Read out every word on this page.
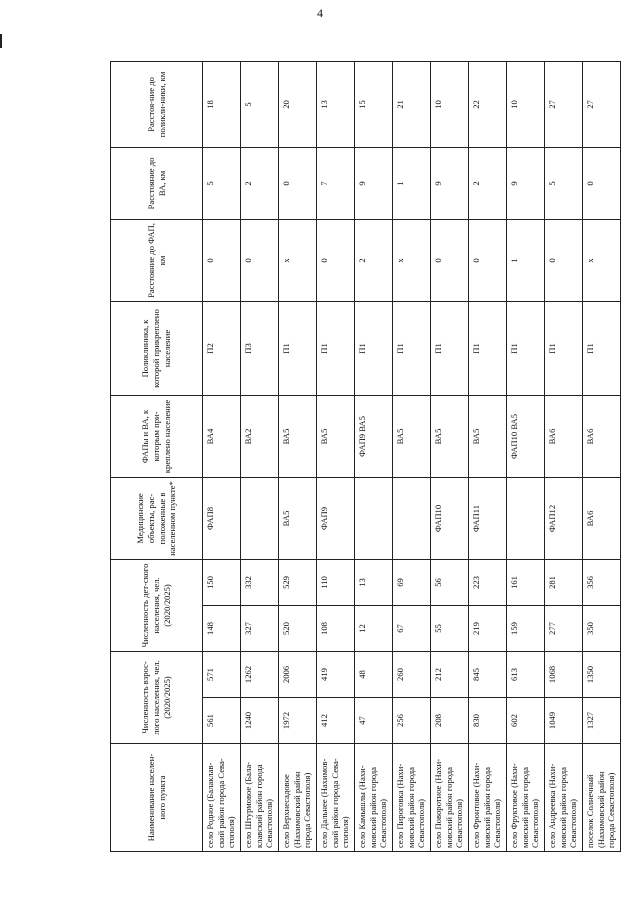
4
Наименование населен-ного пункта	Численность взрос-лого населения, чел. (2020/2025)		Численность дет-ского населения, чел. (2020/2025)		Медицинские объекты, рас-положенные в населенном пункте*	ФАПы и ВА, к которым при-креплено население	Поликлиника, к которой прикреплено население	Расстояние до ФАП, км	Расстояние до ВА, км	Расстоя-ние до поликли-ники, км
село Родное (Балаклав-ский район города Сева-стополя)	561	571	148	150	ФАП8	ВА4	П2	0	5	18
село Штурмовое (Бала-клавский район города Севастополя)	1240	1262	327	332		ВА2	П3	0	2	5
село Верхнесадовое (Нахимовский район города Севастополя)	1972	2006	520	529	ВА5	ВА5	П1	x	0	20
село Дальнее (Нахимов-ский район города Сева-стополя)	412	419	108	110	ФАП9	ВА5	П1	0	7	13
село Камышлы (Нахи-мовский район города Севастополя)	47	48	12	13		ФАП9 ВА5	П1	2	9	15
село Пироговка (Нахи-мовский район города Севастополя)	256	260	67	69		ВА5	П1	x	1	21
село Поворотное (Нахи-мовский район города Севастополя)	208	212	55	56	ФАП10	ВА5	П1	0	9	10
село Фронтовое (Нахи-мовский район города Севастополя)	830	845	219	223	ФАП11	ВА5	П1	0	2	22
село Фруктовое (Нахи-мовский район города Севастополя)	602	613	159	161		ФАП10 ВА5	П1	1	9	10
село Андреевка (Нахи-мовский район города Севастополя)	1049	1068	277	281	ФАП12	ВА6	П1	0	5	27
поселок Солнечный (Нахимовский район города Севастополя)	1327	1350	350	356	ВА6	ВА6	П1	x	0	27
